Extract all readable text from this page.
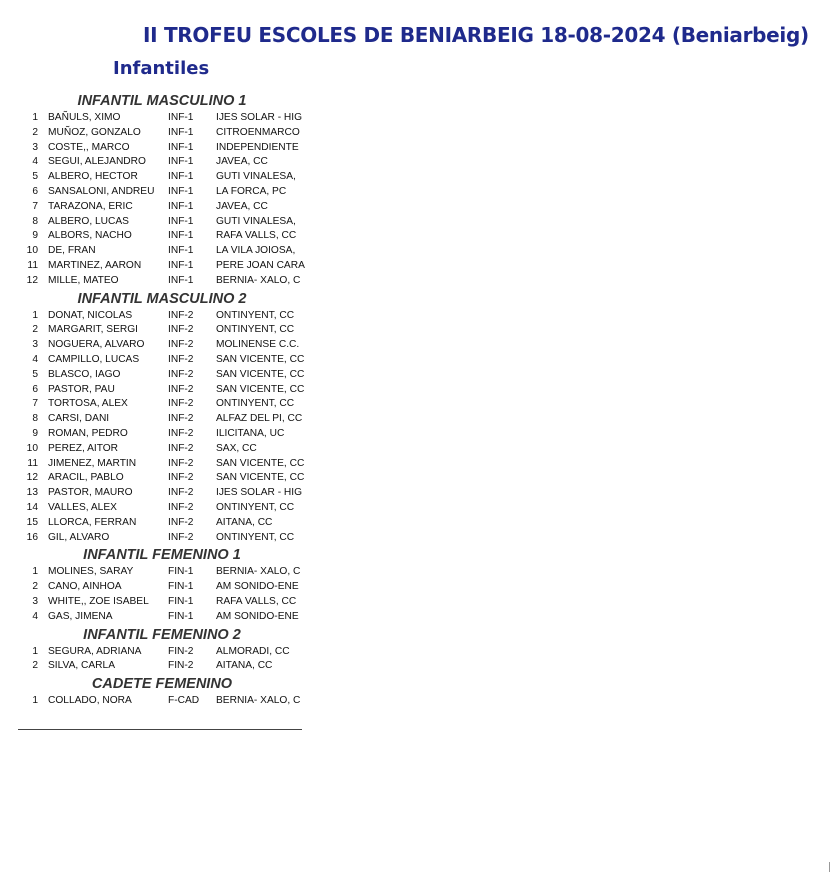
II TROFEU ESCOLES DE BENIARBEIG 18-08-2024 (Beniarbeig)
Infantiles
INFANTIL MASCULINO 1
1 BAÑULS, XIMO	INF-1 IJES SOLAR - HIG
2 MUÑOZ, GONZALO	INF-1 CITROENMARCO
3 COSTE,, MARCO	INF-1 INDEPENDIENTE
4 SEGUI, ALEJANDRO INF-1 JAVEA, CC
5 ALBERO, HECTOR	INF-1 GUTI VINALESA,
6 SANSALONI, ANDREU INF-1 LA FORCA, PC
7 TARAZONA, ERIC	INF-1 JAVEA, CC
8 ALBERO, LUCAS	INF-1 GUTI VINALESA,
9 ALBORS, NACHO	INF-1 RAFA VALLS, CC
10 DE, FRAN	INF-1 LA VILA JOIOSA,
11 MARTINEZ, AARON	INF-1 PERE JOAN CARA
12 MILLE, MATEO	INF-1 BERNIA- XALO, C
INFANTIL MASCULINO 2
1 DONAT, NICOLAS	INF-2 ONTINYENT, CC
2 MARGARIT, SERGI	INF-2 ONTINYENT, CC
3 NOGUERA, ALVARO INF-2 MOLINENSE C.C.
4 CAMPILLO, LUCAS	INF-2 SAN VICENTE, CC
5 BLASCO, IAGO	INF-2 SAN VICENTE, CC
6 PASTOR, PAU	INF-2 SAN VICENTE, CC
7 TORTOSA, ALEX	INF-2 ONTINYENT, CC
8 CARSI, DANI	INF-2 ALFAZ DEL PI, CC
9 ROMAN, PEDRO	INF-2 ILICITANA, UC
10 PEREZ, AITOR	INF-2 SAX, CC
11 JIMENEZ, MARTIN	INF-2 SAN VICENTE, CC
12 ARACIL, PABLO	INF-2 SAN VICENTE, CC
13 PASTOR, MAURO	INF-2 IJES SOLAR - HIG
14 VALLES, ALEX	INF-2 ONTINYENT, CC
15 LLORCA, FERRAN	INF-2 AITANA, CC
16 GIL, ALVARO	INF-2 ONTINYENT, CC
INFANTIL FEMENINO 1
1 MOLINES, SARAY	FIN-1 BERNIA- XALO, C
2 CANO, AINHOA	FIN-1 AM SONIDO-ENE
3 WHITE,, ZOE ISABEL FIN-1 RAFA VALLS, CC
4 GAS, JIMENA	FIN-1 AM SONIDO-ENE
INFANTIL FEMENINO 2
1 SEGURA, ADRIANA	FIN-2 ALMORADI, CC
2 SILVA, CARLA	FIN-2 AITANA, CC
CADETE FEMENINO
1 COLLADO, NORA	F-CAD BERNIA- XALO, C
